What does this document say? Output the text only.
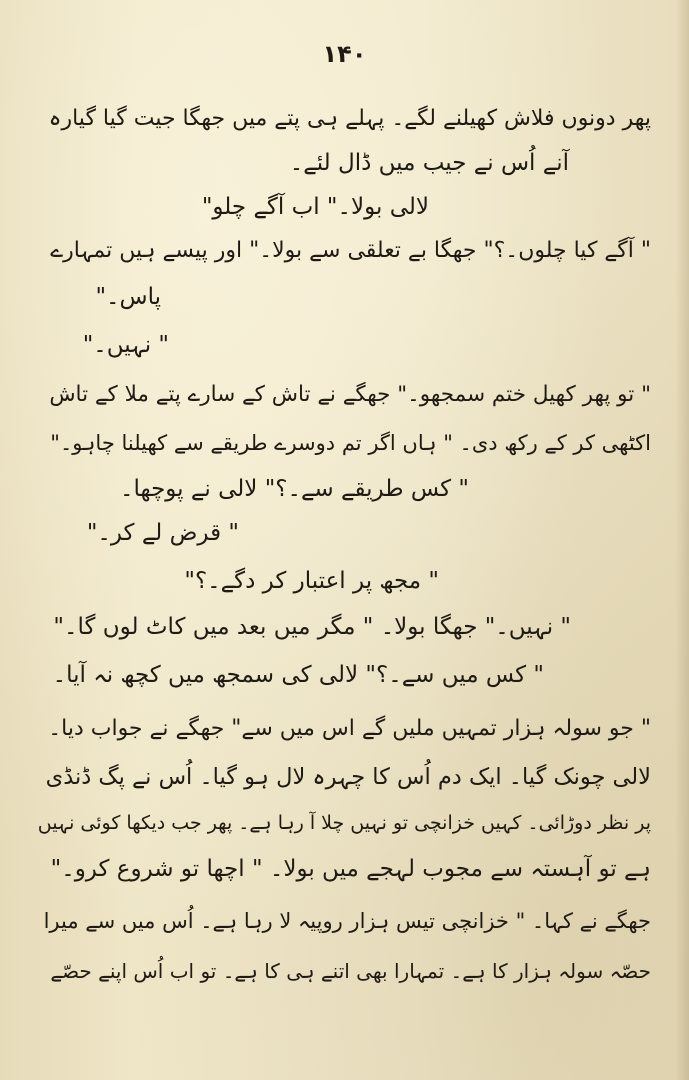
۱۴۰
پھر دونوں فلاش کھیلنے لگے۔ پہلے ہی پتے میں جھگا جیت گیا گیارہ
آنے اُس نے جیب میں ڈال لئے۔
لالی بولا۔" اب آگے چلو"
" آگے کیا چلوں۔؟" جھگا بے تعلقی سے بولا۔" اور پیسے ہیں تمہارے
پاس۔"
" نہیں۔"
" تو پھر کھیل ختم سمجھو۔" جھگے نے تاش کے سارے پتے ملا کے تاش
اکٹھی کر کے رکھ دی۔ " ہاں اگر تم دوسرے طریقے سے کھیلنا چاہو۔"
" کس طریقے سے۔؟" لالی نے پوچھا۔
" قرض لے کر۔"
" مجھ پر اعتبار کر دگے۔؟"
" نہیں۔" جھگا بولا۔ " مگر میں بعد میں کاٹ لوں گا۔"
" کس میں سے۔؟" لالی کی سمجھ میں کچھ نہ آیا۔
" جو سولہ ہزار تمہیں ملیں گے اس میں سے" جھگے نے جواب دیا۔
لالی چونک گیا۔ ایک دم اُس کا چہرہ لال ہو گیا۔ اُس نے پگ ڈنڈی
پر نظر دوڑائی۔ کہیں خزانچی تو نہیں چلا آ رہا ہے۔ پھر جب دیکھا کوئی نہیں
ہے تو آہستہ سے مجوب لہجے میں بولا۔ " اچھا تو شروع کرو۔"
جھگے نے کہا۔ " خزانچی تیس ہزار روپیہ لا رہا ہے۔ اُس میں سے میرا
حصّہ سولہ ہزار کا ہے۔ تمہارا بھی اتنے ہی کا ہے۔ تو اب اُس اپنے حصّے
